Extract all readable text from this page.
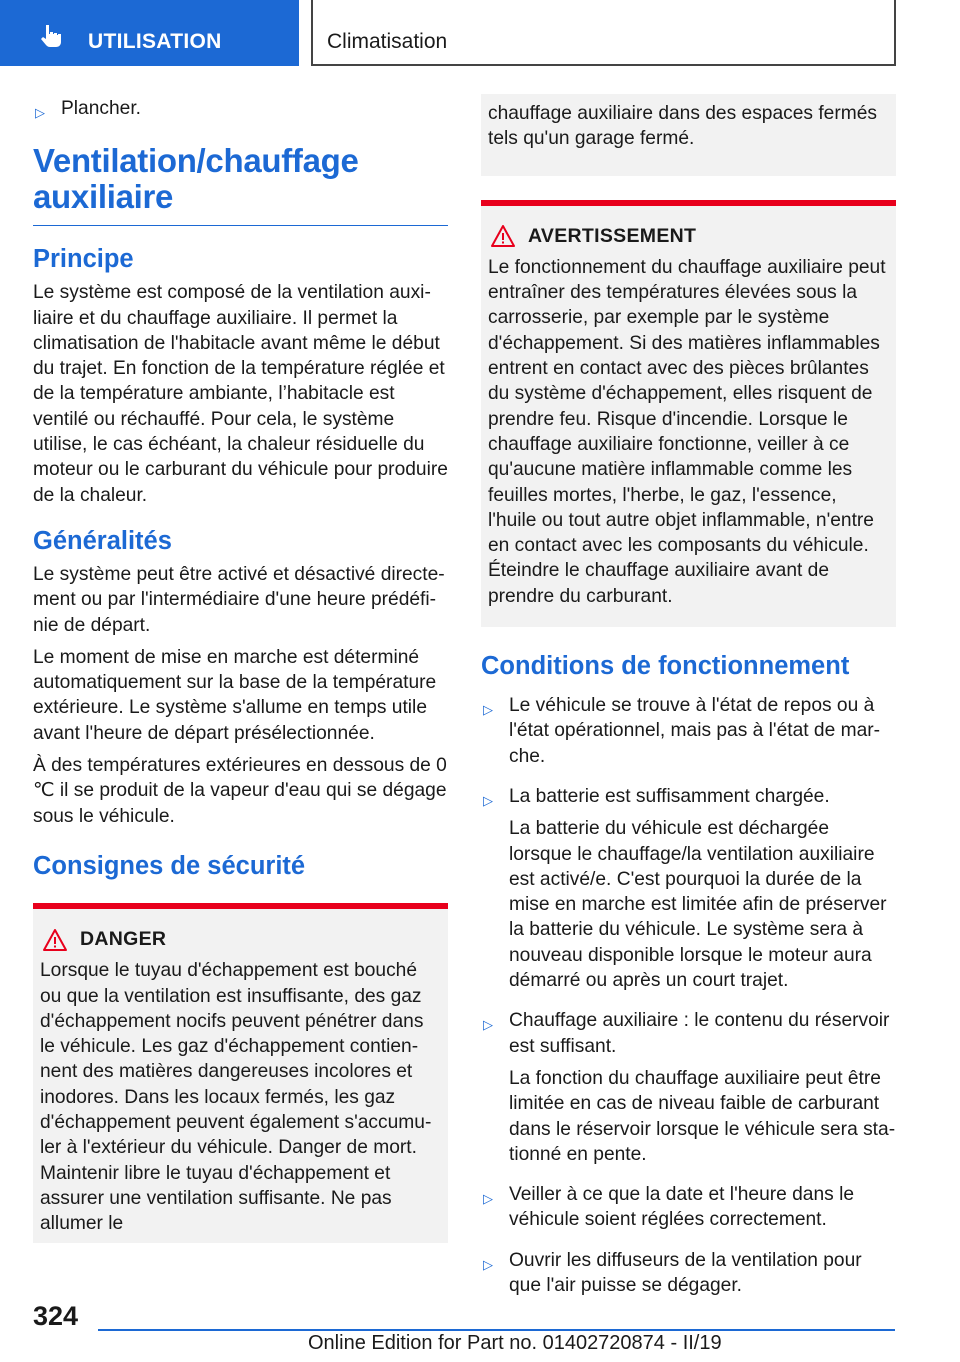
UTILISATION	Climatisation
▷ Plancher.
Ventilation/chauffage auxiliaire
Principe

Le système est composé de la ventilation auxiliaire et du chauffage auxiliaire. Il permet la climatisation de l'habitacle avant même le début du trajet. En fonction de la température réglée et de la température ambiante, l’habitacle est ventilé ou réchauffé. Pour cela, le système utilise, le cas échéant, la chaleur résiduelle du moteur ou le carburant du véhicule pour produire de la chaleur.

Généralités

Le système peut être activé et désactivé directement ou par l'intermédiaire d'une heure prédéfinie de départ.

Le moment de mise en marche est déterminé automatiquement sur la base de la température extérieure. Le système s'allume en temps utile avant l'heure de départ présélectionnée.

À des températures extérieures en dessous de 0 ℃ il se produit de la vapeur d'eau qui se dégage sous le véhicule.

Consignes de sécurité
DANGER

Lorsque le tuyau d'échappement est bouché ou que la ventilation est insuffisante, des gaz d'échappement nocifs peuvent pénétrer dans le véhicule. Les gaz d'échappement contiennent des matières dangereuses incolores et inodores. Dans les locaux fermés, les gaz d'échappement peuvent également s'accumuler à l'extérieur du véhicule. Danger de mort. Maintenir libre le tuyau d'échappement et assurer une ventilation suffisante. Ne pas allumer le

chauffage auxiliaire dans des espaces fermés tels qu'un garage fermé.

AVERTISSEMENT

Le fonctionnement du chauffage auxiliaire peut entraîner des températures élevées sous la carrosserie, par exemple par le système d'échappement. Si des matières inflammables entrent en contact avec des pièces brûlantes du système d'échappement, elles risquent de prendre feu. Risque d'incendie. Lorsque le chauffage auxiliaire fonctionne, veiller à ce qu'aucune matière inflammable comme les feuilles mortes, l'herbe, le gaz, l'essence, l'huile ou tout autre objet inflammable, n'entre en contact avec les composants du véhicule. Éteindre le chauffage auxiliaire avant de prendre du carburant.

Conditions de fonctionnement
▷ Le véhicule se trouve à l'état de repos ou à l'état opérationnel, mais pas à l'état de marche.

▷ La batterie est suffisamment chargée.

La batterie du véhicule est déchargée lorsque le chauffage/la ventilation auxiliaire est activé/e. C'est pourquoi la durée de la mise en marche est limitée afin de préserver la batterie du véhicule. Le système sera à nouveau disponible lorsque le moteur aura démarré ou après un court trajet.

▷ Chauffage auxiliaire : le contenu du réservoir est suffisant.

La fonction du chauffage auxiliaire peut être limitée en cas de niveau faible de carburant dans le réservoir lorsque le véhicule sera stationné en pente.

▷ Veiller à ce que la date et l'heure dans le véhicule soient réglées correctement.

▷ Ouvrir les diffuseurs de la ventilation pour que l'air puisse se dégager.

324
Online Edition for Part no. 01402720874 - II/19
